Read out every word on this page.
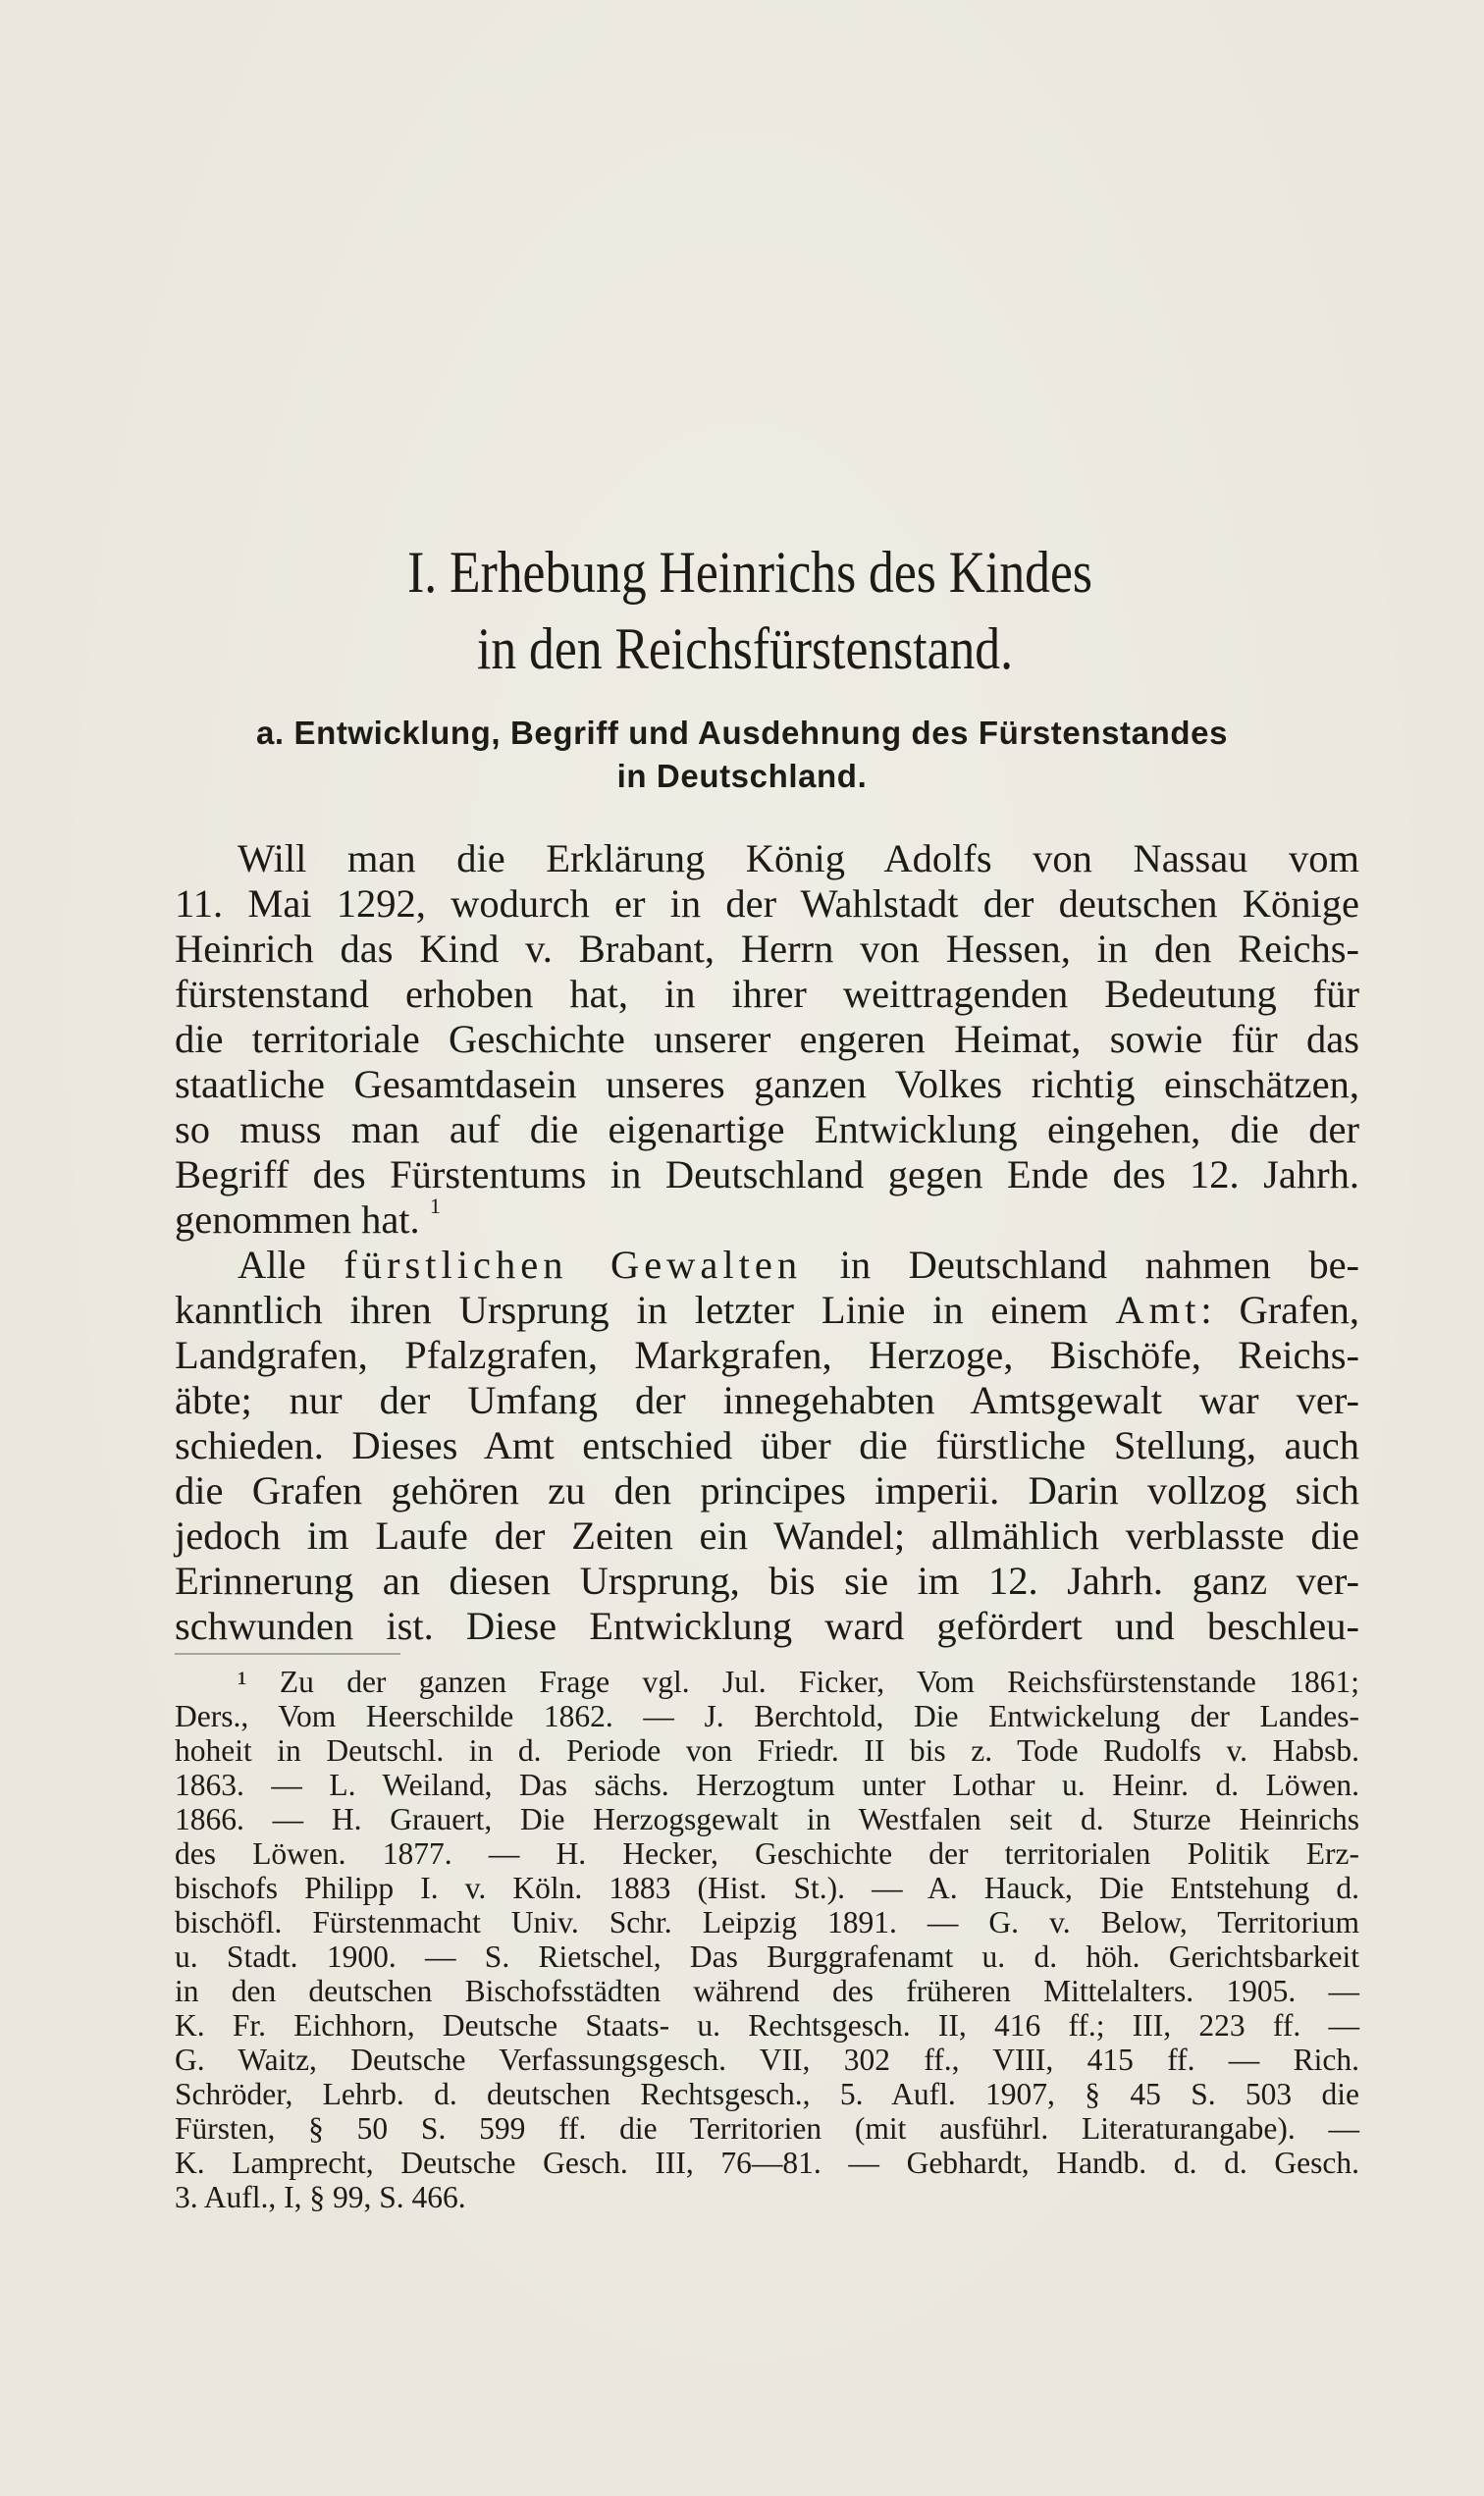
I. Erhebung Heinrichs des Kindes
in den Reichsfürstenstand.
a. Entwicklung, Begriff und Ausdehnung des Fürstenstandes
in Deutschland.
Will man die Erklärung König Adolfs von Nassau vom
11. Mai 1292, wodurch er in der Wahlstadt der deutschen Könige
Heinrich das Kind v. Brabant, Herrn von Hessen, in den Reichs-
fürstenstand erhoben hat, in ihrer weittragenden Bedeutung für
die territoriale Geschichte unserer engeren Heimat, sowie für das
staatliche Gesamtdasein unseres ganzen Volkes richtig einschätzen,
so muss man auf die eigenartige Entwicklung eingehen, die der
Begriff des Fürstentums in Deutschland gegen Ende des 12. Jahrh.
genommen hat. $^1$
Alle fürstlichen Gewalten in Deutschland nahmen be-
kanntlich ihren Ursprung in letzter Linie in einem Amt: Grafen,
Landgrafen, Pfalzgrafen, Markgrafen, Herzoge, Bischöfe, Reichs-
äbte; nur der Umfang der innegehabten Amtsgewalt war ver-
schieden. Dieses Amt entschied über die fürstliche Stellung, auch
die Grafen gehören zu den principes imperii. Darin vollzog sich
jedoch im Laufe der Zeiten ein Wandel; allmählich verblasste die
Erinnerung an diesen Ursprung, bis sie im 12. Jahrh. ganz ver-
schwunden ist. Diese Entwicklung ward gefördert und beschleu-
¹ Zu der ganzen Frage vgl. Jul. Ficker, Vom Reichsfürstenstande 1861;
Ders., Vom Heerschilde 1862. — J. Berchtold, Die Entwickelung der Landes-
hoheit in Deutschl. in d. Periode von Friedr. II bis z. Tode Rudolfs v. Habsb.
1863. — L. Weiland, Das sächs. Herzogtum unter Lothar u. Heinr. d. Löwen.
1866. — H. Grauert, Die Herzogsgewalt in Westfalen seit d. Sturze Heinrichs
des Löwen. 1877. — H. Hecker, Geschichte der territorialen Politik Erz-
bischofs Philipp I. v. Köln. 1883 (Hist. St.). — A. Hauck, Die Entstehung d.
bischöfl. Fürstenmacht Univ. Schr. Leipzig 1891. — G. v. Below, Territorium
u. Stadt. 1900. — S. Rietschel, Das Burggrafenamt u. d. höh. Gerichtsbarkeit
in den deutschen Bischofsstädten während des früheren Mittelalters. 1905. —
K. Fr. Eichhorn, Deutsche Staats- u. Rechtsgesch. II, 416 ff.; III, 223 ff. —
G. Waitz, Deutsche Verfassungsgesch. VII, 302 ff., VIII, 415 ff. — Rich.
Schröder, Lehrb. d. deutschen Rechtsgesch., 5. Aufl. 1907, § 45 S. 503 die
Fürsten, § 50 S. 599 ff. die Territorien (mit ausführl. Literaturangabe). —
K. Lamprecht, Deutsche Gesch. III, 76—81. — Gebhardt, Handb. d. d. Gesch.
3. Aufl., I, § 99, S. 466.
